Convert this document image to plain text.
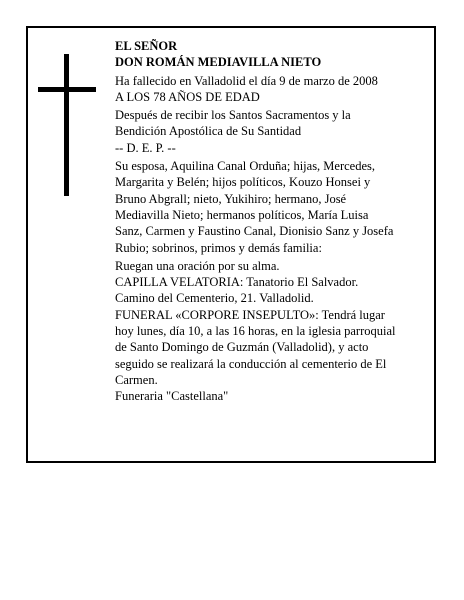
EL SEÑOR
DON ROMÁN MEDIAVILLA NIETO
Ha fallecido en Valladolid el día 9 de marzo de 2008
A LOS 78 AÑOS DE EDAD
Después de recibir los Santos Sacramentos y la
Bendición Apostólica de Su Santidad
-- D. E. P. --
Su esposa, Aquilina Canal Orduña; hijas, Mercedes,
Margarita y Belén; hijos políticos, Kouzo Honsei y
Bruno Abgrall; nieto, Yukihiro; hermano, José
Mediavilla Nieto; hermanos políticos, María Luisa
Sanz, Carmen y Faustino Canal, Dionisio Sanz y Josefa
Rubio; sobrinos, primos y demás familia:
Ruegan una oración por su alma.
CAPILLA VELATORIA: Tanatorio El Salvador.
Camino del Cementerio, 21. Valladolid.
FUNERAL «CORPORE INSEPULTO»: Tendrá lugar
hoy lunes, día 10, a las 16 horas, en la iglesia parroquial
de Santo Domingo de Guzmán (Valladolid), y acto
seguido se realizará la conducción al cementerio de El
Carmen.
Funeraria "Castellana"
